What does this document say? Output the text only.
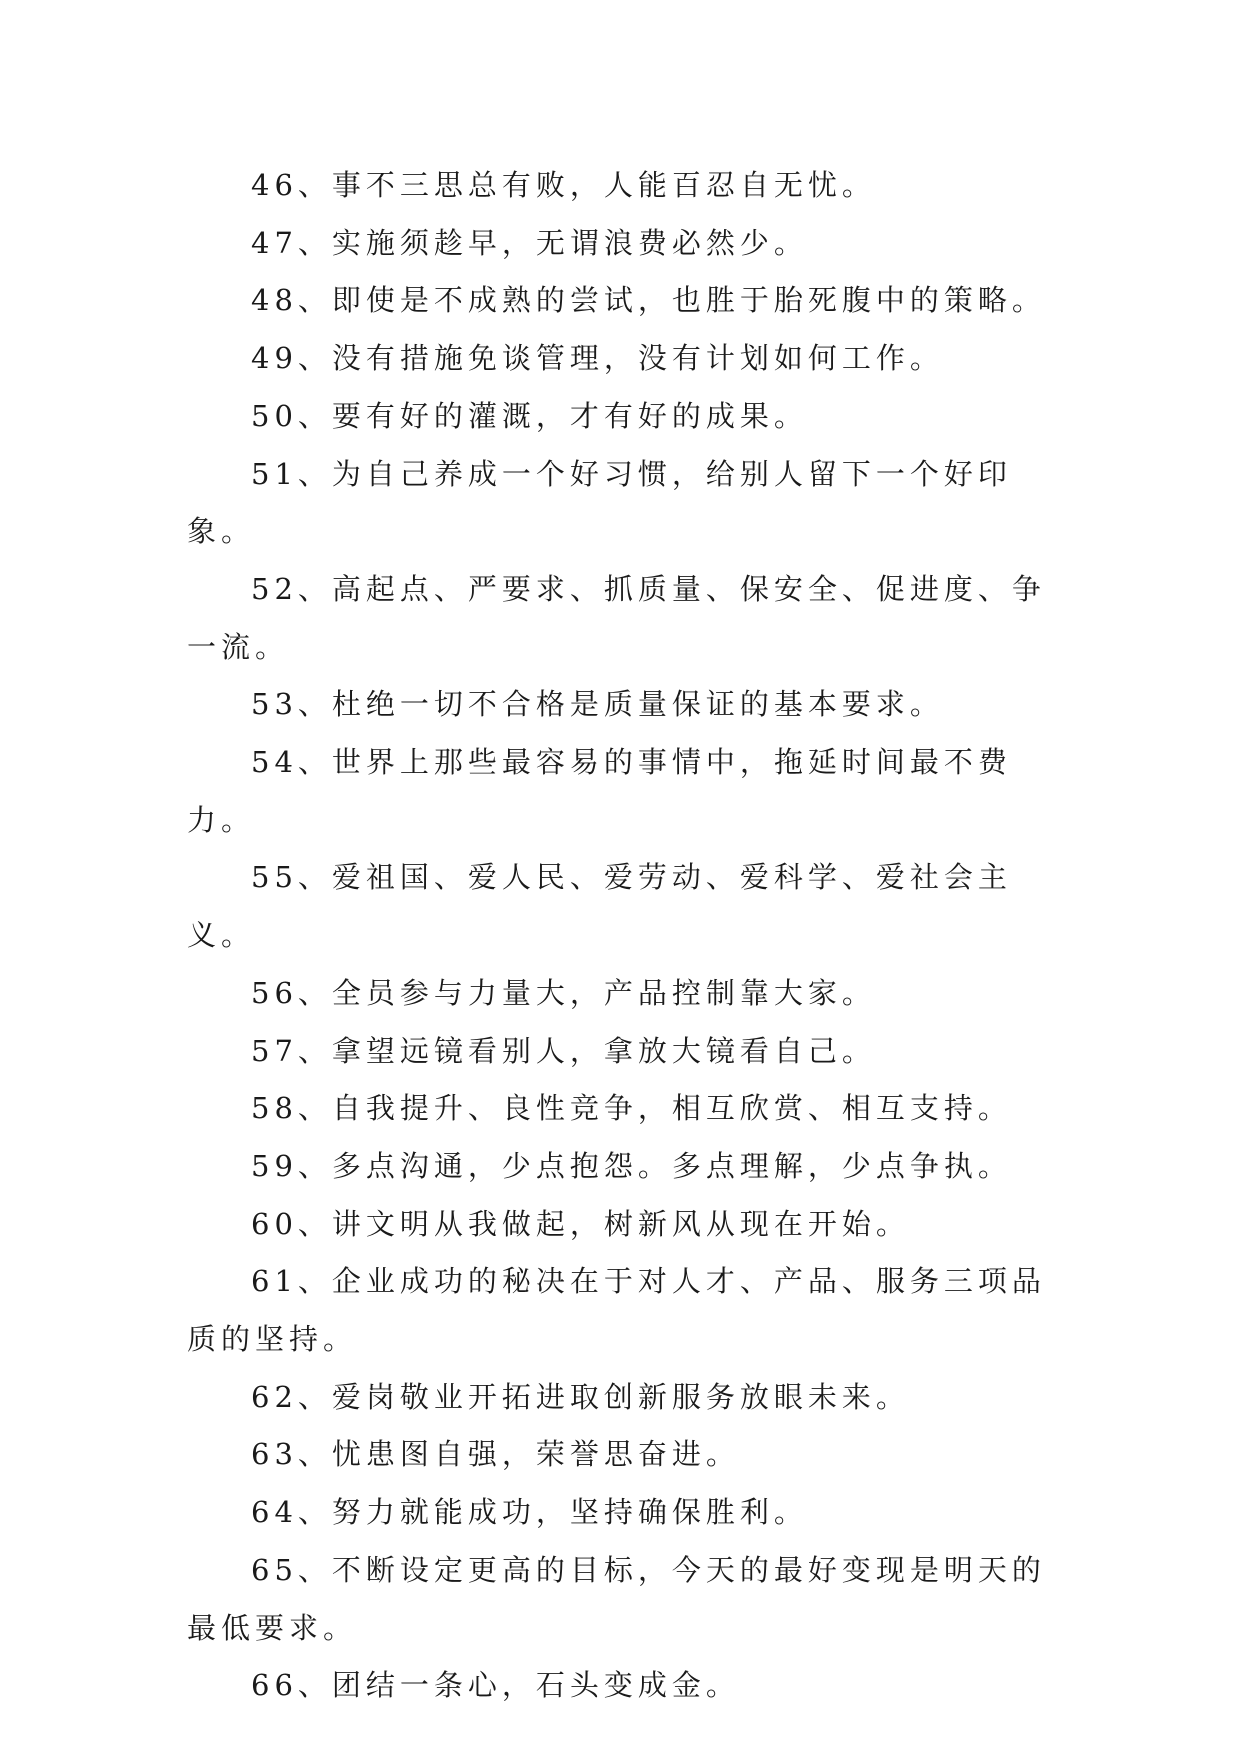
46、事不三思总有败，人能百忍自无忧。

47、实施须趁早，无谓浪费必然少。

48、即使是不成熟的尝试，也胜于胎死腹中的策略。

49、没有措施免谈管理，没有计划如何工作。

50、要有好的灌溉，才有好的成果。

51、为自己养成一个好习惯，给别人留下一个好印象。

52、高起点、严要求、抓质量、保安全、促进度、争一流。

53、杜绝一切不合格是质量保证的基本要求。

54、世界上那些最容易的事情中，拖延时间最不费力。

55、爱祖国、爱人民、爱劳动、爱科学、爱社会主义。

56、全员参与力量大，产品控制靠大家。

57、拿望远镜看别人，拿放大镜看自己。

58、自我提升、良性竞争，相互欣赏、相互支持。

59、多点沟通，少点抱怨。多点理解，少点争执。

60、讲文明从我做起，树新风从现在开始。

61、企业成功的秘决在于对人才、产品、服务三项品质的坚持。

62、爱岗敬业开拓进取创新服务放眼未来。

63、忧患图自强，荣誉思奋进。

64、努力就能成功，坚持确保胜利。

65、不断设定更高的目标，今天的最好变现是明天的最低要求。

66、团结一条心，石头变成金。
